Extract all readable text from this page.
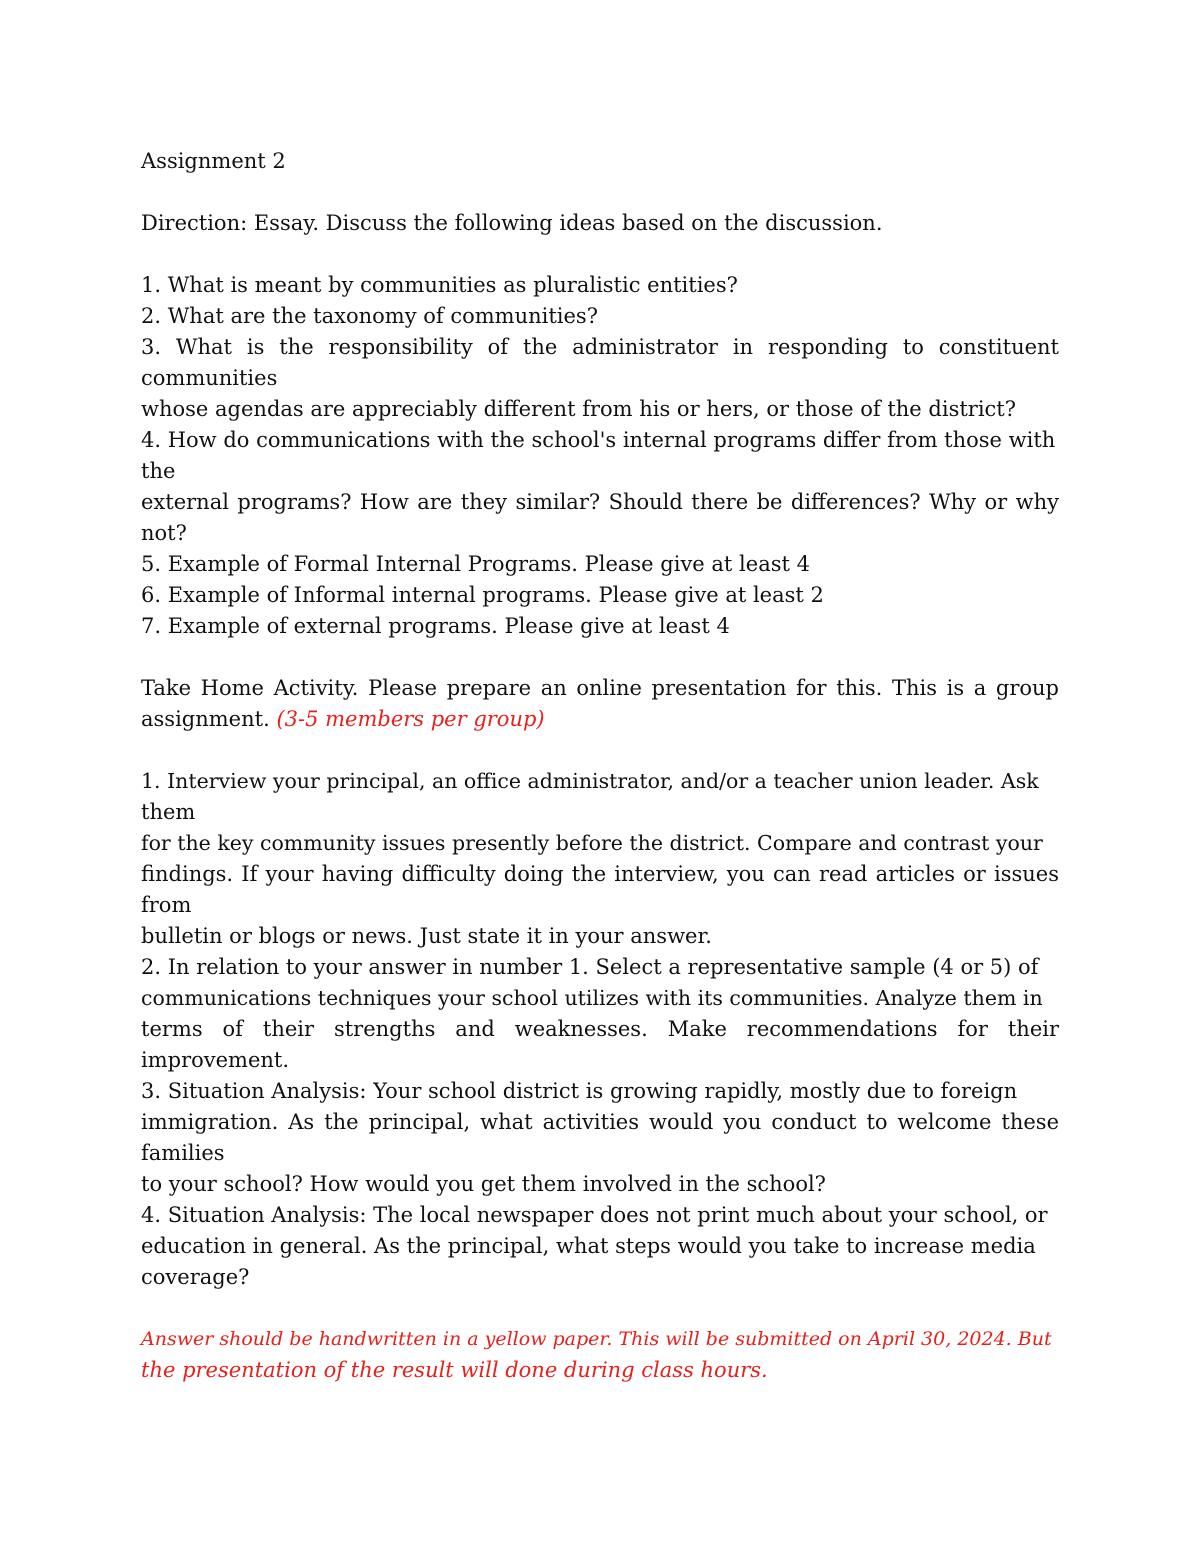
Assignment 2
Direction: Essay. Discuss the following ideas based on the discussion.
1. What is meant by communities as pluralistic entities?
2. What are the taxonomy of communities?
3. What is the responsibility of the administrator in responding to constituent
communities
whose agendas are appreciably different from his or hers, or those of the district?
4. How do communications with the school's internal programs differ from those with
the
external programs? How are they similar? Should there be differences? Why or why
not?
5. Example of Formal Internal Programs. Please give at least 4
6. Example of Informal internal programs. Please give at least 2
7. Example of external programs. Please give at least 4
Take Home Activity. Please prepare an online presentation for this. This is a group
assignment. (3-5 members per group)
1. Interview your principal, an office administrator, and/or a teacher union leader. Ask
them
for the key community issues presently before the district. Compare and contrast your
findings. If your having difficulty doing the interview, you can read articles or issues
from
bulletin or blogs or news. Just state it in your answer.
2. In relation to your answer in number 1. Select a representative sample (4 or 5) of
communications techniques your school utilizes with its communities. Analyze them in
terms of their strengths and weaknesses. Make recommendations for their
improvement.
3. Situation Analysis: Your school district is growing rapidly, mostly due to foreign
immigration. As the principal, what activities would you conduct to welcome these
families
to your school? How would you get them involved in the school?
4. Situation Analysis: The local newspaper does not print much about your school, or
education in general. As the principal, what steps would you take to increase media
coverage?
Answer should be handwritten in a yellow paper. This will be submitted on April 30, 2024. But
the presentation of the result will done during class hours.
